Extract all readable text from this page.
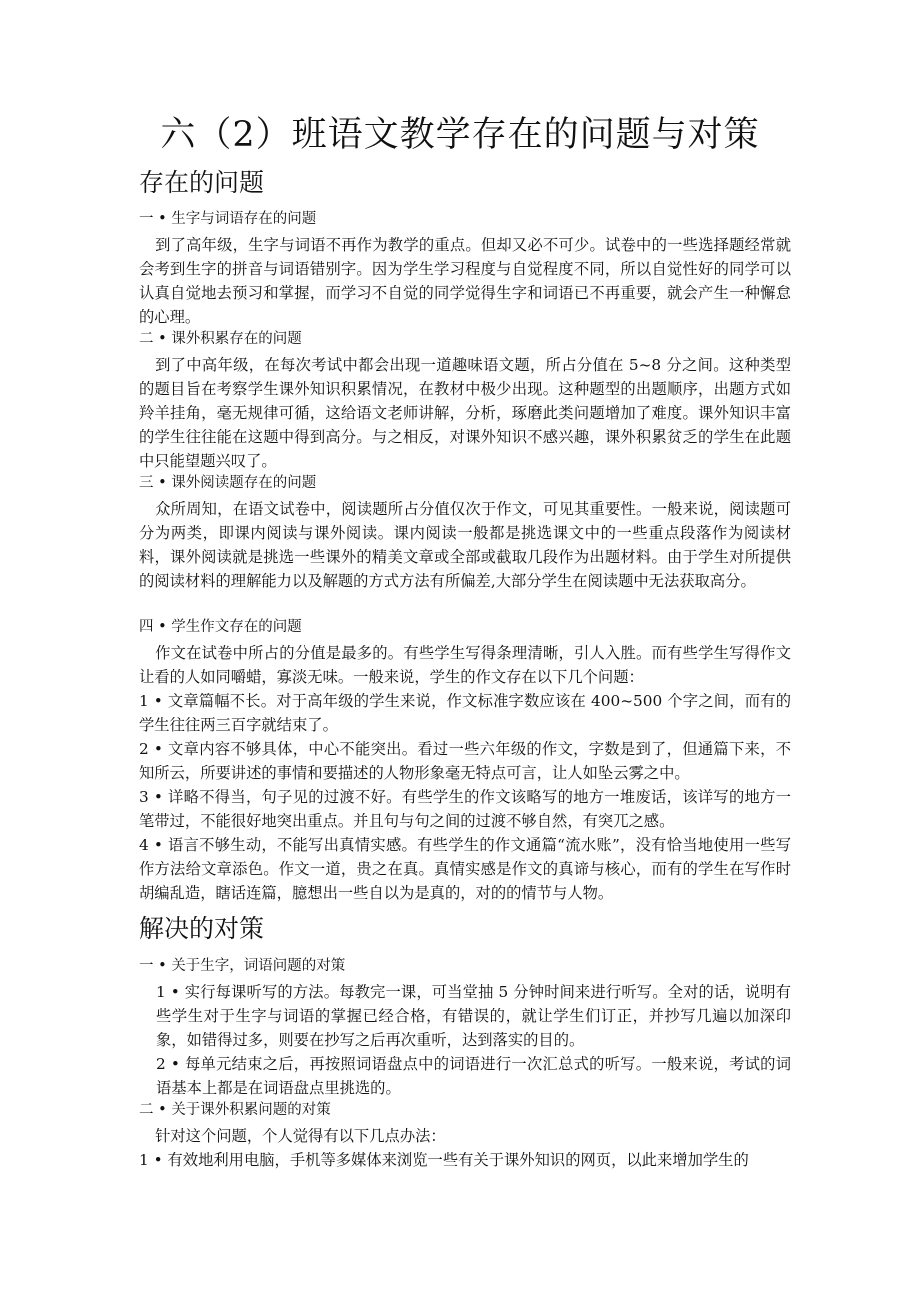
六（2）班语文教学存在的问题与对策
存在的问题
一 • 生字与词语存在的问题
到了高年级，生字与词语不再作为教学的重点。但却又必不可少。试卷中的一些选择题经常就会考到生字的拼音与词语错别字。因为学生学习程度与自觉程度不同，所以自觉性好的同学可以认真自觉地去预习和掌握，而学习不自觉的同学觉得生字和词语已不再重要，就会产生一种懈怠的心理。
二 • 课外积累存在的问题
到了中高年级，在每次考试中都会出现一道趣味语文题，所占分值在 5~8 分之间。这种类型的题目旨在考察学生课外知识积累情况，在教材中极少出现。这种题型的出题顺序，出题方式如羚羊挂角，毫无规律可循，这给语文老师讲解，分析，琢磨此类问题增加了难度。课外知识丰富的学生往往能在这题中得到高分。与之相反，对课外知识不感兴趣，课外积累贫乏的学生在此题中只能望题兴叹了。
三 • 课外阅读题存在的问题
众所周知，在语文试卷中，阅读题所占分值仅次于作文，可见其重要性。一般来说，阅读题可分为两类，即课内阅读与课外阅读。课内阅读一般都是挑选课文中的一些重点段落作为阅读材料，课外阅读就是挑选一些课外的精美文章或全部或截取几段作为出题材料。由于学生对所提供的阅读材料的理解能力以及解题的方式方法有所偏差,大部分学生在阅读题中无法获取高分。
四 • 学生作文存在的问题
作文在试卷中所占的分值是最多的。有些学生写得条理清晰，引人入胜。而有些学生写得作文让看的人如同嚼蜡，寡淡无味。一般来说，学生的作文存在以下几个问题：
1 • 文章篇幅不长。对于高年级的学生来说，作文标准字数应该在 400~500 个字之间，而有的学生往往两三百字就结束了。
2 • 文章内容不够具体，中心不能突出。看过一些六年级的作文，字数是到了，但通篇下来，不知所云，所要讲述的事情和要描述的人物形象毫无特点可言，让人如坠云雾之中。
3 • 详略不得当，句子见的过渡不好。有些学生的作文该略写的地方一堆废话，该详写的地方一笔带过，不能很好地突出重点。并且句与句之间的过渡不够自然，有突兀之感。
4 • 语言不够生动，不能写出真情实感。有些学生的作文通篇“流水账”，没有恰当地使用一些写作方法给文章添色。作文一道，贵之在真。真情实感是作文的真谛与核心，而有的学生在写作时胡编乱造，瞎话连篇，臆想出一些自以为是真的，对的的情节与人物。
解决的对策
一 • 关于生字，词语问题的对策
1 • 实行每课听写的方法。每教完一课，可当堂抽 5 分钟时间来进行听写。全对的话，说明有些学生对于生字与词语的掌握已经合格，有错误的，就让学生们订正，并抄写几遍以加深印象，如错得过多，则要在抄写之后再次重听，达到落实的目的。
2 • 每单元结束之后，再按照词语盘点中的词语进行一次汇总式的听写。一般来说，考试的词语基本上都是在词语盘点里挑选的。
二 • 关于课外积累问题的对策
针对这个问题，个人觉得有以下几点办法：
1 • 有效地利用电脑，手机等多媒体来浏览一些有关于课外知识的网页，以此来增加学生的
